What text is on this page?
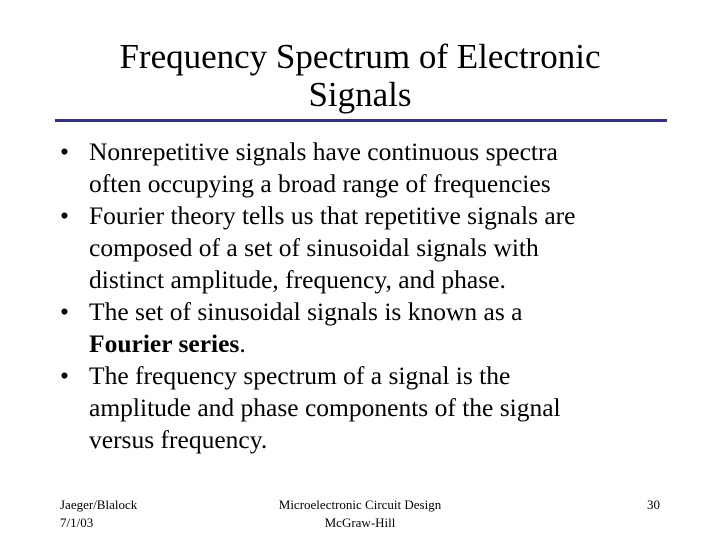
Frequency Spectrum of Electronic
Signals
• Nonrepetitive signals have continuous spectra
often occupying a broad range of frequencies
• Fourier theory tells us that repetitive signals are
composed of a set of sinusoidal signals with
distinct amplitude, frequency, and phase.
• The set of sinusoidal signals is known as a
Fourier series.
• The frequency spectrum of a signal is the
amplitude and phase components of the signal
versus frequency.
Jaeger/Blalock
7/1/03
Microelectronic Circuit Design
McGraw-Hill
30
